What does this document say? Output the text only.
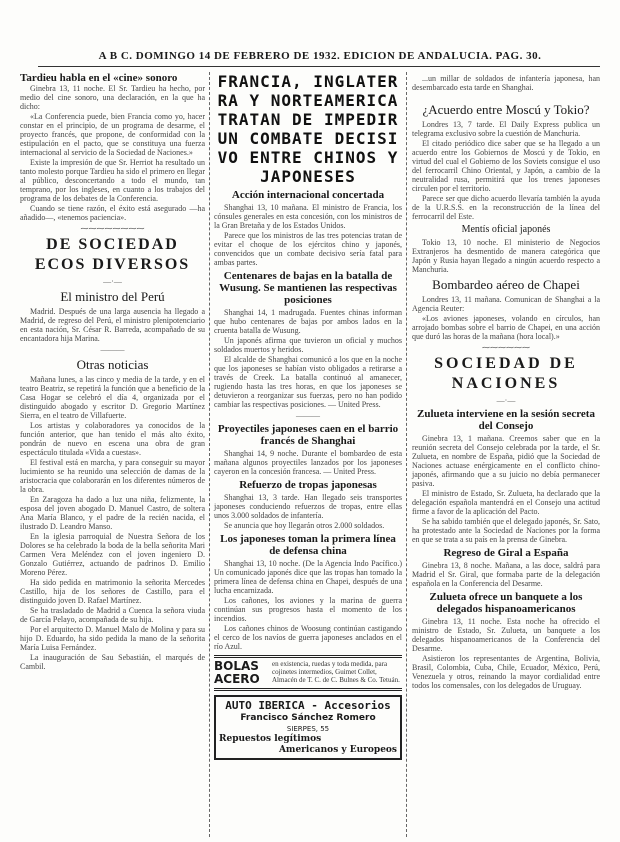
A B C. DOMINGO 14 DE FEBRERO DE 1932. EDICION DE ANDALUCIA. PAG. 30.
Tardieu habla en el «cine» sonoro

Ginebra 13, 11 noche. El Sr. Tardieu ha hecho, por medio del cine sonoro, una declaración, en la que ha dicho:

«La Conferencia puede, bien Francia como yo, hacer constar en el principio, de un programa de desarme, el proyecto francés, que propone, de conformidad con la estipulación en el pacto, que se constituya una fuerza internacional al servicio de la Sociedad de Naciones.»

Existe la impresión de que Sr. Herriot ha resultado un tanto molesto porque Tardieu ha sido el primero en llegar al público, desconcertando a todo el mundo, tan temprano, por los ingleses, en cuanto a los trabajos del programa de los debates de la Conferencia.

Cuando se tiene razón, el éxito está asegurado —ha añadido—, «tenemos paciencia».

⁓⁓⁓⁓⁓⁓⁓⁓
DE SOCIEDAD
ECOS DIVERSOS
—·—
El ministro del Perú

Madrid. Después de una larga ausencia ha llegado a Madrid, de regreso del Perú, el ministro plenipotenciario en esta nación, Sr. César R. Barreda, acompañado de su encantadora hija Marina.

———
Otras noticias

Mañana lunes, a las cinco y media de la tarde, y en el teatro Beatriz, se repetirá la función que a beneficio de la Casa Hogar se celebró el día 4, organizada por el distinguido abogado y escritor D. Gregorio Martínez Sierra, en el teatro de Villafuerte.

Los artistas y colaboradores ya conocidos de la función anterior, que han tenido el más alto éxito, pondrán de nuevo en escena una obra de gran espectáculo titulada «Vida a cuestas».

El festival está en marcha, y para conseguir su mayor lucimiento se ha reunido una selección de damas de la aristocracia que colaborarán en los diferentes números de la obra.

En Zaragoza ha dado a luz una niña, felizmente, la esposa del joven abogado D. Manuel Castro, de soltera Ana María Blanco, y el padre de la recién nacida, el ilustrado D. Leandro Manso.

En la iglesia parroquial de Nuestra Señora de los Dolores se ha celebrado la boda de la bella señorita Mari Carmen Vera Meléndez con el joven ingeniero D. Gonzalo Gutiérrez, actuando de padrinos D. Emilio Moreno Pérez.

Ha sido pedida en matrimonio la señorita Mercedes Castillo, hija de los señores de Castillo, para el distinguido joven D. Rafael Martínez.

Se ha trasladado de Madrid a Cuenca la señora viuda de García Pelayo, acompañada de su hija.

Por el arquitecto D. Manuel Malo de Molina y para su hijo D. Eduardo, ha sido pedida la mano de la señorita María Luisa Fernández.

La inauguración de Sau Sebastián, el marqués de Cambil.

FRANCIA, INGLATERRA Y NORTEAMERICA TRATAN DE IMPEDIR UN COMBATE DECISIVO ENTRE CHINOS Y JAPONESES
Acción internacional concertada

Shanghai 13, 10 mañana. El ministro de Francia, los cónsules generales en esta concesión, con los ministros de la Gran Bretaña y de los Estados Unidos.

Parece que los ministros de las tres potencias tratan de evitar el choque de los ejércitos chino y japonés, convencidos que un combate decisivo sería fatal para ambas partes.

Centenares de bajas en la batalla de Wusung. Se mantienen las respectivas posiciones

Shanghai 14, 1 madrugada. Fuentes chinas informan que hubo centenares de bajas por ambos lados en la cruenta batalla de Wusung.

Un japonés afirma que tuvieron un oficial y muchos soldados muertos y heridos.

El alcalde de Shanghai comunicó a los que en la noche que los japoneses se habían visto obligados a retirarse a través de Creek. La batalla continuó al amanecer, rugiendo hasta las tres horas, en que los japoneses se detuvieron a reorganizar sus fuerzas, pero no han podido cambiar las respectivas posiciones. — United Press.

———
Proyectiles japoneses caen en el barrio francés de Shanghai

Shanghai 14, 9 noche. Durante el bombardeo de esta mañana algunos proyectiles lanzados por los japoneses cayeron en la concesión francesa. — United Press.

Refuerzo de tropas japonesas

Shanghai 13, 3 tarde. Han llegado seis transportes japoneses conduciendo refuerzos de tropas, entre ellas unos 3.000 soldados de infantería.

Se anuncia que hoy llegarán otros 2.000 soldados.

Los japoneses toman la primera línea de defensa china

Shanghai 13, 10 noche. (De la Agencia Indo Pacífico.) Un comunicado japonés dice que las tropas han tomado la primera línea de defensa china en Chapei, después de una lucha encarnizada.

Los cañones, los aviones y la marina de guerra continúan sus progresos hasta el momento de los incendios.

Los cañones chinos de Woosung continúan castigando el cerco de los navíos de guerra japoneses anclados en el río Azul.

BOLAS
ACERO
en existencia, ruedas y toda medida, para cojinetes intermedios, Guimet Collet, Almacén de T. C. de C. Bulnes & Co. Tetuán.
AUTO IBERICA - Accesorios
Francisco Sánchez Romero
SIERPES, 55
Repuestos legítimos
Americanos y Europeos

...un millar de soldados de infantería japonesa, han desembarcado esta tarde en Shanghai.

¿Acuerdo entre Moscú y Tokio?

Londres 13, 7 tarde. El Daily Express publica un telegrama exclusivo sobre la cuestión de Manchuria.

El citado periódico dice saber que se ha llegado a un acuerdo entre los Gobiernos de Moscú y de Tokio, en virtud del cual el Gobierno de los Soviets consigue el uso del ferrocarril Chino Oriental, y Japón, a cambio de la neutralidad rusa, permitirá que los trenes japoneses circulen por el territorio.

Parece ser que dicho acuerdo llevaría también la ayuda de la U.R.S.S. en la reconstrucción de la línea del ferrocarril del Este.

Mentís oficial japonés

Tokio 13, 10 noche. El ministerio de Negocios Extranjeros ha desmentido de manera categórica que Japón y Rusia hayan llegado a ningún acuerdo respecto a Manchuria.

Bombardeo aéreo de Chapei

Londres 13, 11 mañana. Comunican de Shanghai a la Agencia Reuter:

«Los aviones japoneses, volando en círculos, han arrojado bombas sobre el barrio de Chapei, en una acción que duró las horas de la mañana (hora local).»

⁓⁓⁓⁓⁓⁓
SOCIEDAD DE NACIONES
—·—
Zulueta interviene en la sesión secreta del Consejo

Ginebra 13, 1 mañana. Creemos saber que en la reunión secreta del Consejo celebrada por la tarde, el Sr. Zulueta, en nombre de España, pidió que la Sociedad de Naciones actuase enérgicamente en el conflicto chino-japonés, afirmando que a su juicio no debía permanecer pasiva.

El ministro de Estado, Sr. Zulueta, ha declarado que la delegación española mantendrá en el Consejo una actitud firme a favor de la aplicación del Pacto.

Se ha sabido también que el delegado japonés, Sr. Sato, ha protestado ante la Sociedad de Naciones por la forma en que se trata a su país en la prensa de Ginebra.

Regreso de Giral a España

Ginebra 13, 8 noche. Mañana, a las doce, saldrá para Madrid el Sr. Giral, que formaba parte de la delegación española en la Conferencia del Desarme.

Zulueta ofrece un banquete a los delegados hispanoamericanos

Ginebra 13, 11 noche. Esta noche ha ofrecido el ministro de Estado, Sr. Zulueta, un banquete a los delegados hispanoamericanos de la Conferencia del Desarme.

Asistieron los representantes de Argentina, Bolivia, Brasil, Colombia, Cuba, Chile, Ecuador, México, Perú, Venezuela y otros, reinando la mayor cordialidad entre todos los comensales, con los delegados de Uruguay.
